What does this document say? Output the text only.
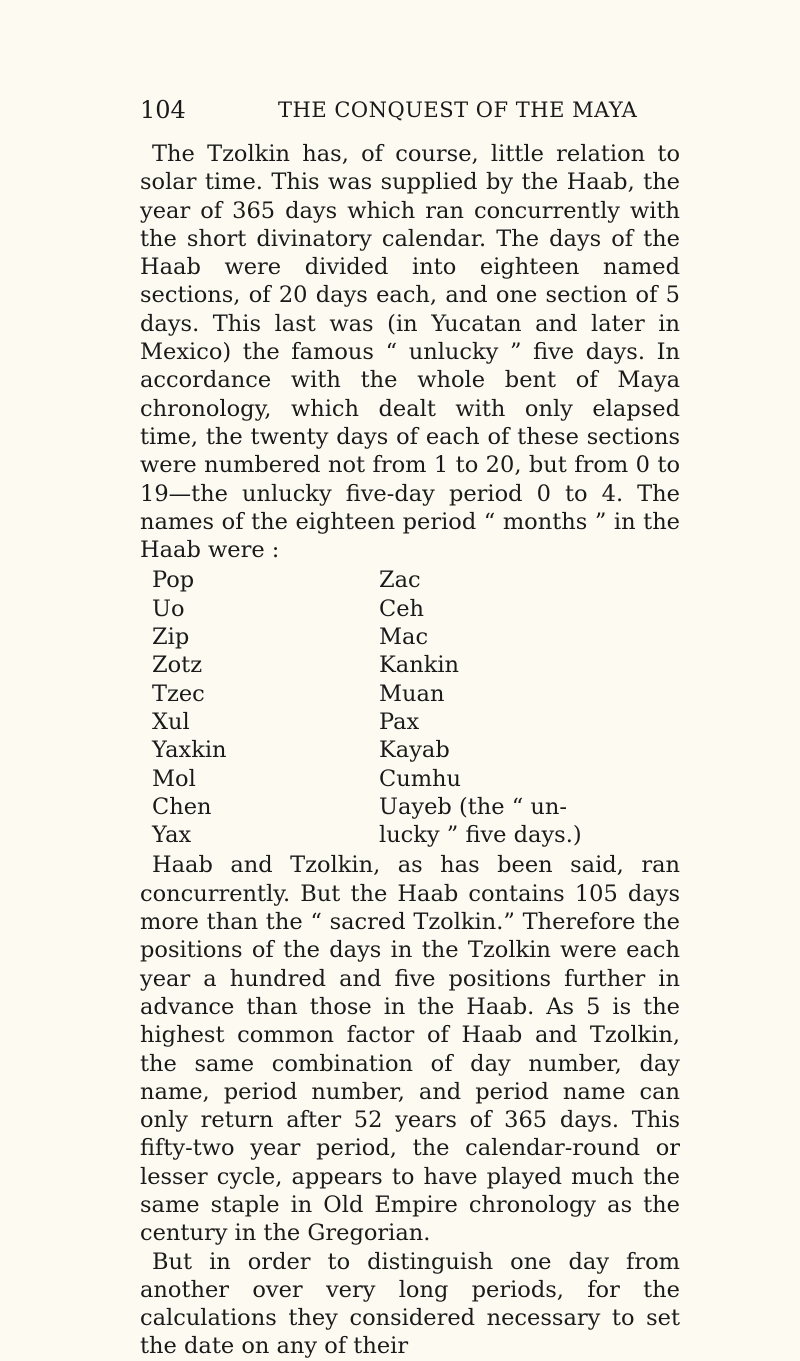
104	THE CONQUEST OF THE MAYA

The Tzolkin has, of course, little relation to solar time. This was supplied by the Haab, the year of 365 days which ran concurrently with the short divinatory calendar. The days of the Haab were divided into eighteen named sections, of 20 days each, and one section of 5 days. This last was (in Yucatan and later in Mexico) the famous “ unlucky ” five days. In accordance with the whole bent of Maya chronology, which dealt with only elapsed time, the twenty days of each of these sections were numbered not from 1 to 20, but from 0 to 19—the unlucky five-day period 0 to 4. The names of the eighteen period “ months ” in the Haab were :

Pop
Uo
Zip
Zotz
Tzec
Xul
Yaxkin
Mol
Chen
Yax
Zac
Ceh
Mac
Kankin
Muan
Pax
Kayab
Cumhu
Uayeb (the “ un-
lucky ” five days.)

Haab and Tzolkin, as has been said, ran concurrently. But the Haab contains 105 days more than the “ sacred Tzolkin.” Therefore the positions of the days in the Tzolkin were each year a hundred and five positions further in advance than those in the Haab. As 5 is the highest common factor of Haab and Tzolkin, the same combination of day number, day name, period number, and period name can only return after 52 years of 365 days. This fifty-two year period, the calendar-round or lesser cycle, appears to have played much the same staple in Old Empire chronology as the century in the Gregorian.

But in order to distinguish one day from another over very long periods, for the calculations they considered necessary to set the date on any of their
